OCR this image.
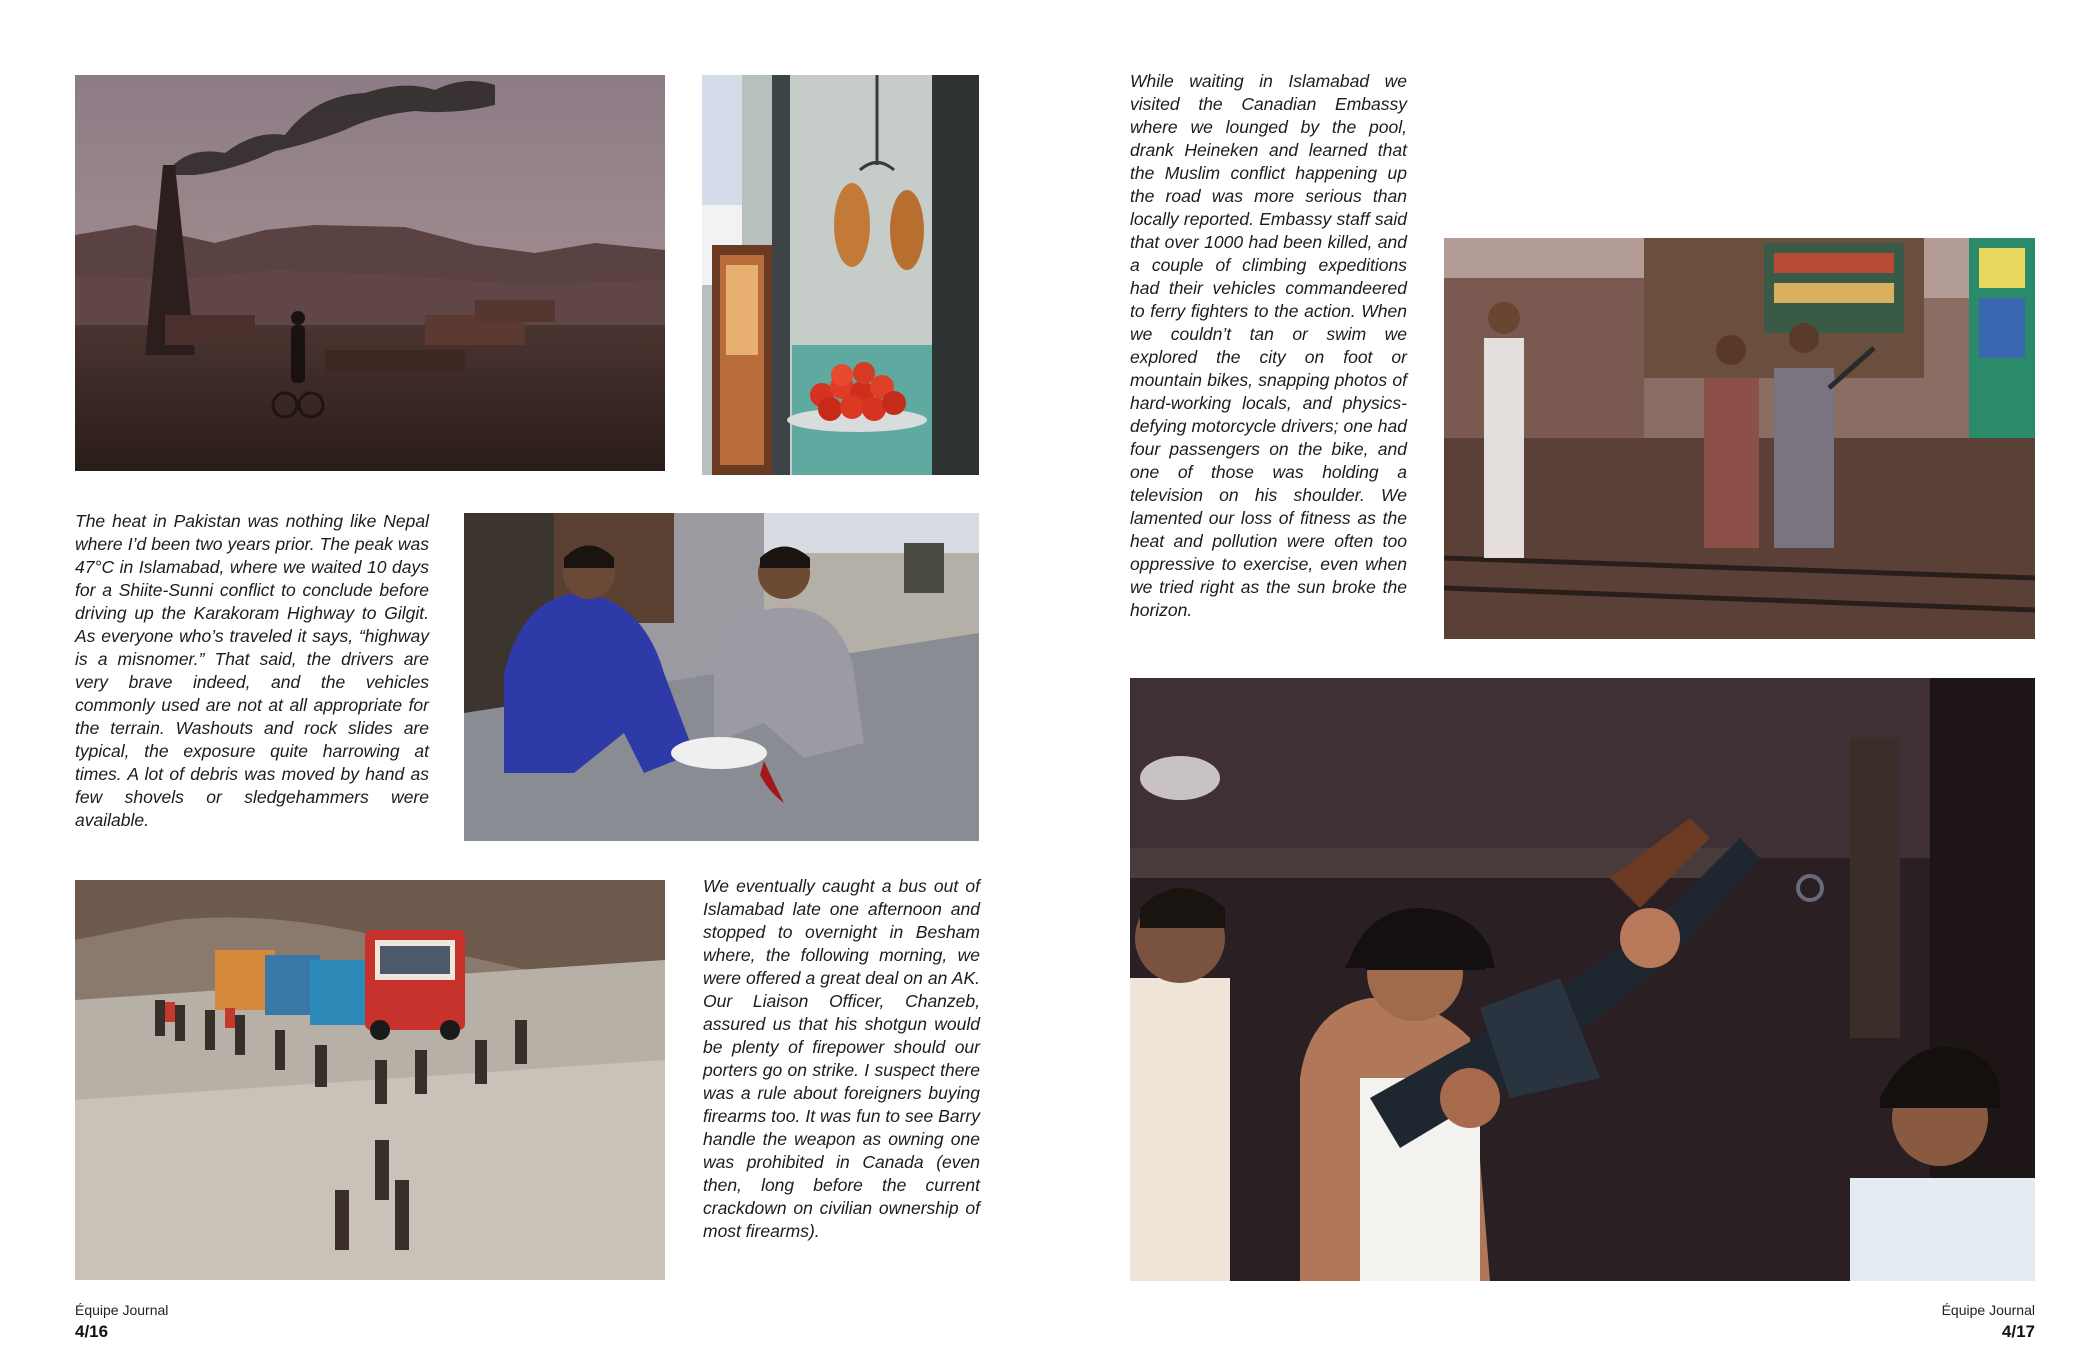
The heat in Pakistan was nothing like Nepal where I’d been two years prior. The peak was 47°C in Islamabad, where we waited 10 days for a Shiite-Sunni conflict to conclude before driving up the Karakoram Highway to Gilgit. As everyone who’s traveled it says, “highway is a misnomer.” That said, the drivers are very brave indeed, and the vehicles commonly used are not at all appropriate for the terrain. Washouts and rock slides are typical, the exposure quite harrowing at times. A lot of debris was moved by hand as few shovels or sledgehammers were available.

We eventually caught a bus out of Islamabad late one afternoon and stopped to overnight in Besham where, the following morning, we were offered a great deal on an AK. Our Liaison Officer, Chanzeb, assured us that his shotgun would be plenty of firepower should our porters go on strike. I suspect there was a rule about foreigners buying firearms too. It was fun to see Barry handle the weapon as owning one was prohibited in Canada (even then, long before the current crackdown on civilian ownership of most firearms).

Équipe Journal
4/16

While waiting in Islamabad we visited the Canadian Embassy where we lounged by the pool, drank Heineken and learned that the Muslim conflict happening up the road was more serious than locally reported. Embassy staff said that over 1000 had been killed, and a couple of climbing expeditions had their vehicles commandeered to ferry fighters to the action. When we couldn’t tan or swim we explored the city on foot or mountain bikes, snapping photos of hard-working locals, and physics-defying motorcycle drivers; one had four passengers on the bike, and one of those was holding a television on his shoulder. We lamented our loss of fitness as the heat and pollution were often too oppressive to exercise, even when we tried right as the sun broke the horizon.

Équipe Journal
4/17
